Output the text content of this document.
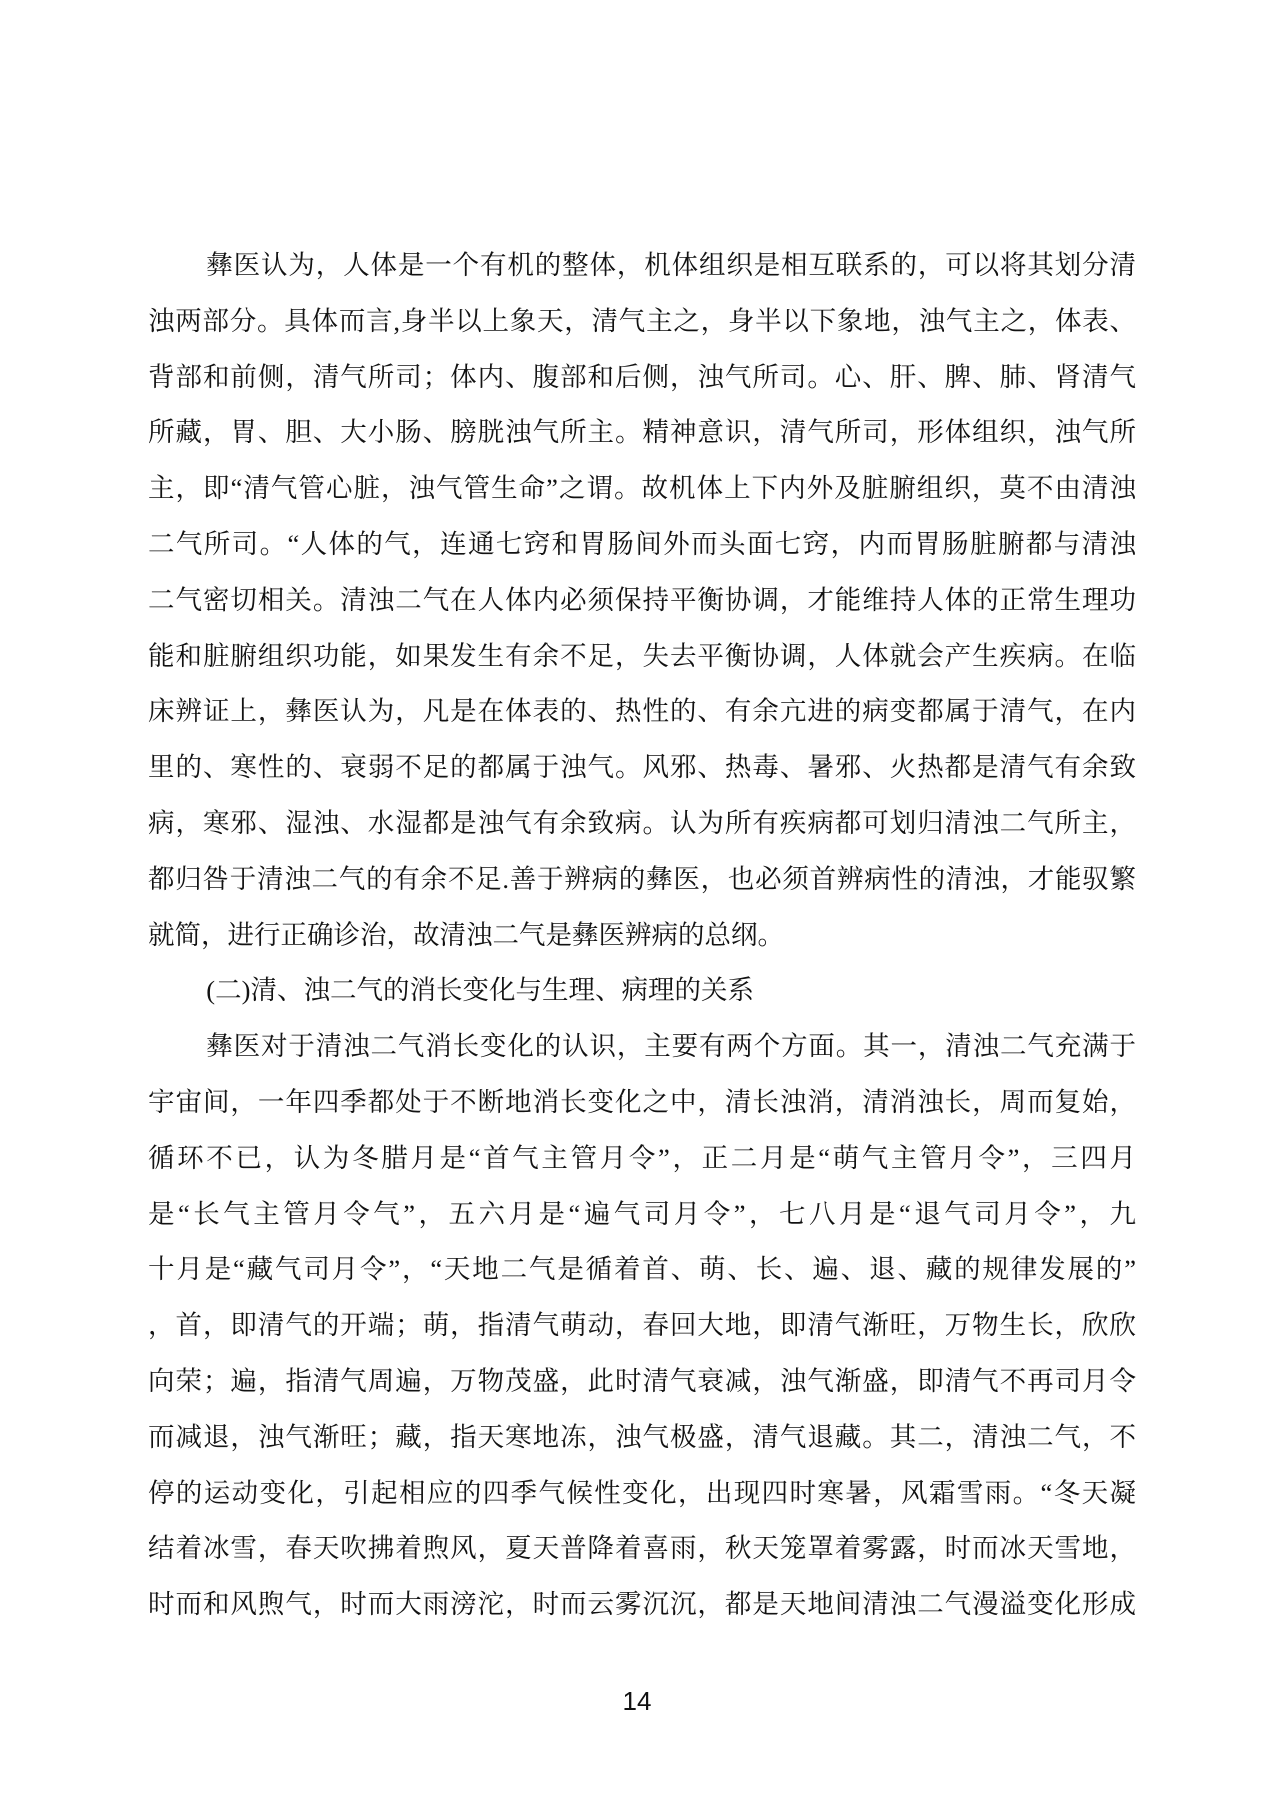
彝医认为，人体是一个有机的整体，机体组织是相互联系的，可以将其划分清
浊两部分。具体而言,身半以上象天，清气主之，身半以下象地，浊气主之，体表、
背部和前侧，清气所司；体内、腹部和后侧，浊气所司。心、肝、脾、肺、肾清气
所藏，胃、胆、大小肠、膀胱浊气所主。精神意识，清气所司，形体组织，浊气所
主，即“清气管心脏，浊气管生命”之谓。故机体上下内外及脏腑组织，莫不由清浊
二气所司。“人体的气，连通七窍和胃肠间外而头面七窍，内而胃肠脏腑都与清浊
二气密切相关。清浊二气在人体内必须保持平衡协调，才能维持人体的正常生理功
能和脏腑组织功能，如果发生有余不足，失去平衡协调，人体就会产生疾病。在临
床辨证上，彝医认为，凡是在体表的、热性的、有余亢进的病变都属于清气，在内
里的、寒性的、衰弱不足的都属于浊气。风邪、热毒、暑邪、火热都是清气有余致
病，寒邪、湿浊、水湿都是浊气有余致病。认为所有疾病都可划归清浊二气所主，
都归咎于清浊二气的有余不足.善于辨病的彝医，也必须首辨病性的清浊，才能驭繁
就简，进行正确诊治，故清浊二气是彝医辨病的总纲。
(二)清、浊二气的消长变化与生理、病理的关系
彝医对于清浊二气消长变化的认识，主要有两个方面。其一，清浊二气充满于
宇宙间，一年四季都处于不断地消长变化之中，清长浊消，清消浊长，周而复始，
循环不已，认为冬腊月是“首气主管月令”，正二月是“萌气主管月令”，三四月
是“长气主管月令气”，五六月是“遍气司月令”，七八月是“退气司月令”，九
十月是“藏气司月令”，“天地二气是循着首、萌、长、遍、退、藏的规律发展的”
，首，即清气的开端；萌，指清气萌动，春回大地，即清气渐旺，万物生长，欣欣
向荣；遍，指清气周遍，万物茂盛，此时清气衰减，浊气渐盛，即清气不再司月令
而减退，浊气渐旺；藏，指天寒地冻，浊气极盛，清气退藏。其二，清浊二气，不
停的运动变化，引起相应的四季气候性变化，出现四时寒暑，风霜雪雨。“冬天凝
结着冰雪，春天吹拂着煦风，夏天普降着喜雨，秋天笼罩着雾露，时而冰天雪地，
时而和风煦气，时而大雨滂沱，时而云雾沉沉，都是天地间清浊二气漫溢变化形成
14
